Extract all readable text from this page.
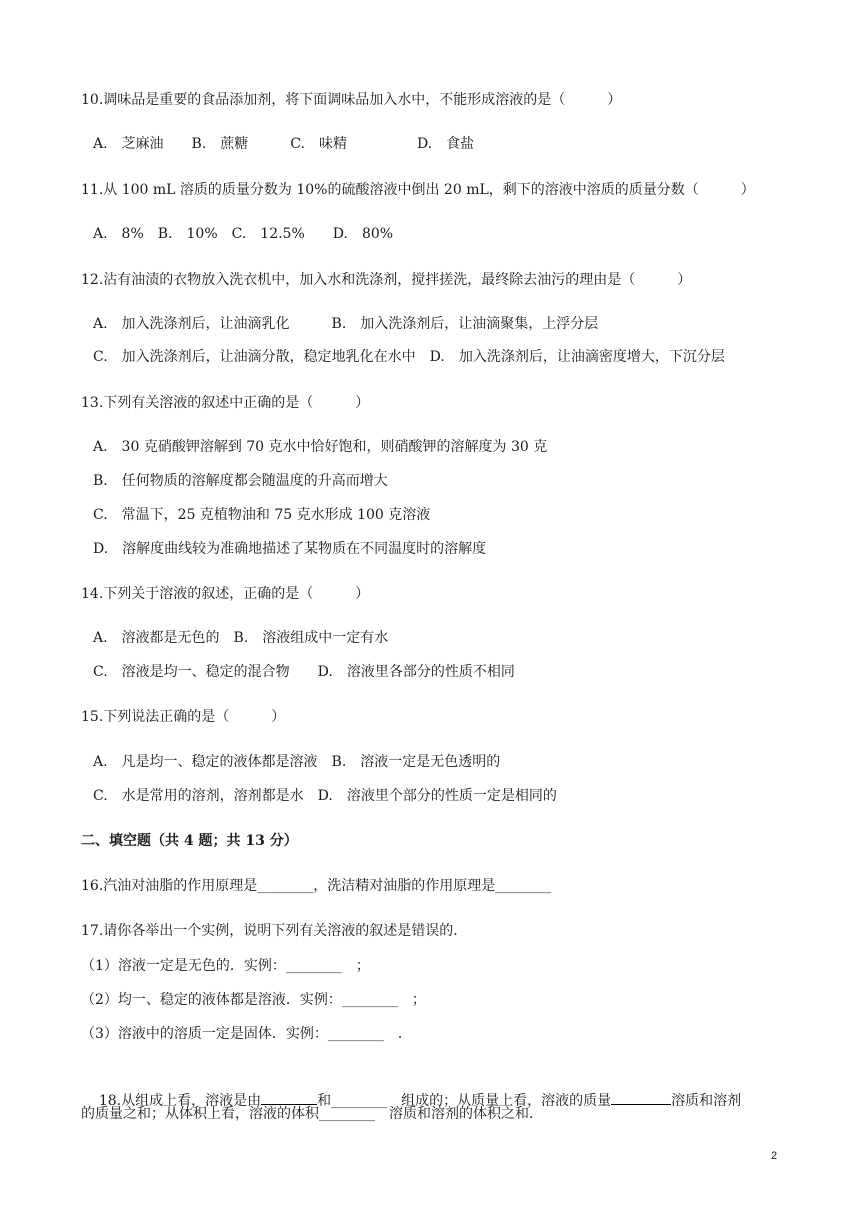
10.调味品是重要的食品添加剂，将下面调味品加入水中，不能形成溶液的是（　　　）
A.　芝麻油　　B.　蔗糖　　　C.　味精　　　　　D.　食盐
11.从 100 mL 溶质的质量分数为 10%的硫酸溶液中倒出 20 mL，剩下的溶液中溶质的质量分数（　　　）
A.　8%　B.　10%　C.　12.5%　　D.　80%
12.沾有油渍的衣物放入洗衣机中，加入水和洗涤剂，搅拌搓洗，最终除去油污的理由是（　　　）
A.　加入洗涤剂后，让油滴乳化　　　B.　加入洗涤剂后，让油滴聚集，上浮分层
C.　加入洗涤剂后，让油滴分散，稳定地乳化在水中　D.　加入洗涤剂后，让油滴密度增大，下沉分层
13.下列有关溶液的叙述中正确的是（　　　）
A.　30 克硝酸钾溶解到 70 克水中恰好饱和，则硝酸钾的溶解度为 30 克
B.　任何物质的溶解度都会随温度的升高而增大
C.　常温下，25 克植物油和 75 克水形成 100 克溶液
D.　溶解度曲线较为准确地描述了某物质在不同温度时的溶解度
14.下列关于溶液的叙述，正确的是（　　　）
A.　溶液都是无色的　B.　溶液组成中一定有水
C.　溶液是均一、稳定的混合物　　D.　溶液里各部分的性质不相同
15.下列说法正确的是（　　　）
A.　凡是均一、稳定的液体都是溶液　B.　溶液一定是无色透明的
C.　水是常用的溶剂，溶剂都是水　D.　溶液里个部分的性质一定是相同的
二、填空题（共 4 题；共 13 分）
16.汽油对油脂的作用原理是________，洗洁精对油脂的作用原理是________
17.请你各举出一个实例，说明下列有关溶液的叙述是错误的．
（1）溶液一定是无色的．实例：________　；
（2）均一、稳定的液体都是溶液．实例：________　；
（3）溶液中的溶质一定是固体．实例：________　．

18.从组成上看，溶液是由	和________　组成的；从质量上看，溶液的质量	溶质和溶剂

的质量之和；从体积上看，溶液的体积________　溶质和溶剂的体积之和．
2
